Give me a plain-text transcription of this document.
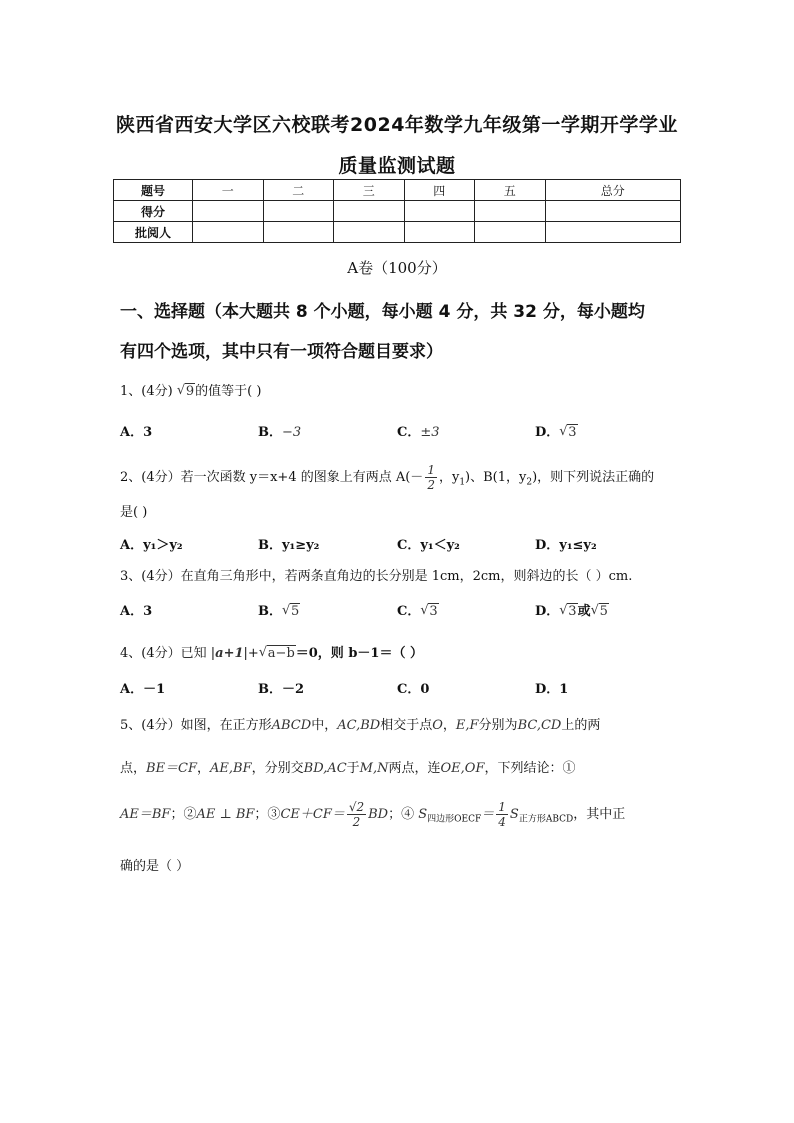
陕西省西安大学区六校联考2024年数学九年级第一学期开学学业
质量监测试题
题号	一	二	三	四	五	总分
得分						
批阅人						
A卷（100分）
一、选择题（本大题共 8 个小题，每小题 4 分，共 32 分，每小题均
有四个选项，其中只有一项符合题目要求）
1、(4分) √ 9的值等于( )
A．3	B．−3	C．±3	D． √ 3
2、(4分）若一次函数 y＝x+4 的图象上有两点 $A(- \frac{1}{2}$ ，$y_1$)、B(1，$y_2$)，则下列说法正确的
是( )
A．y₁＞y₂	B．y₁≥y₂	C．y₁＜y₂	D．y₁≤y₂
3、(4分）在直角三角形中，若两条直角边的长分别是 1cm，2cm，则斜边的长（ ）cm.
A．3	B． √ 5	C． √ 3	D． √ 3或 √ 5
4、(4分）已知 |a+1|+ √ a−b＝0，则 b－1＝（ ）
A．－1	B．－2	C．0	D．1
5、(4分）如图，在正方形ABCD中，AC,BD相交于点O，E,F分别为BC,CD上的两
点，BE＝CF，AE,BF，分别交BD,AC于M,N两点，连OE,OF，下列结论：①
AE＝BF；②AE ⊥ BF；③CE＋CF＝ $\frac{√2}{2}$ BD；④ $S_{四边形OECF}= \frac{1}{4} S_{正方形ABCD}$，其中正
确的是（ ）
